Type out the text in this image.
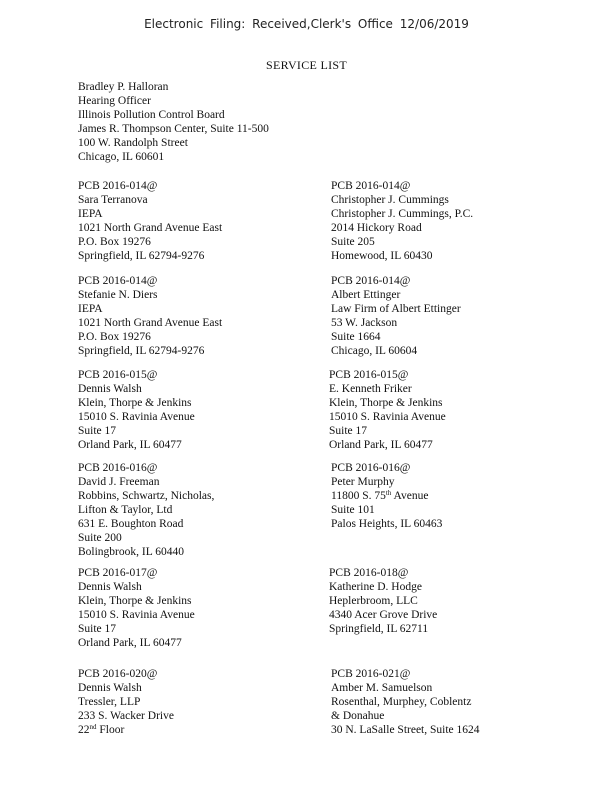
Electronic Filing: Received,Clerk's Office 12/06/2019
SERVICE LIST
Bradley P. Halloran
Hearing Officer
Illinois Pollution Control Board
James R. Thompson Center, Suite 11-500
100 W. Randolph Street
Chicago, IL 60601
PCB 2016-014@
Sara Terranova
IEPA
1021 North Grand Avenue East
P.O. Box 19276
Springfield, IL 62794-9276
PCB 2016-014@
Christopher J. Cummings
Christopher J. Cummings, P.C.
2014 Hickory Road
Suite 205
Homewood, IL 60430
PCB 2016-014@
Stefanie N. Diers
IEPA
1021 North Grand Avenue East
P.O. Box 19276
Springfield, IL 62794-9276
PCB 2016-014@
Albert Ettinger
Law Firm of Albert Ettinger
53 W. Jackson
Suite 1664
Chicago, IL 60604
PCB 2016-015@
Dennis Walsh
Klein, Thorpe & Jenkins
15010 S. Ravinia Avenue
Suite 17
Orland Park, IL 60477
PCB 2016-015@
E. Kenneth Friker
Klein, Thorpe & Jenkins
15010 S. Ravinia Avenue
Suite 17
Orland Park, IL 60477
PCB 2016-016@
David J. Freeman
Robbins, Schwartz, Nicholas,
Lifton & Taylor, Ltd
631 E. Boughton Road
Suite 200
Bolingbrook, IL 60440
PCB 2016-016@
Peter Murphy
11800 S. 75th Avenue
Suite 101
Palos Heights, IL 60463
PCB 2016-017@
Dennis Walsh
Klein, Thorpe & Jenkins
15010 S. Ravinia Avenue
Suite 17
Orland Park, IL 60477
PCB 2016-018@
Katherine D. Hodge
Heplerbroom, LLC
4340 Acer Grove Drive
Springfield, IL 62711
PCB 2016-020@
Dennis Walsh
Tressler, LLP
233 S. Wacker Drive
22nd Floor
PCB 2016-021@
Amber M. Samuelson
Rosenthal, Murphey, Coblentz
& Donahue
30 N. LaSalle Street, Suite 1624
